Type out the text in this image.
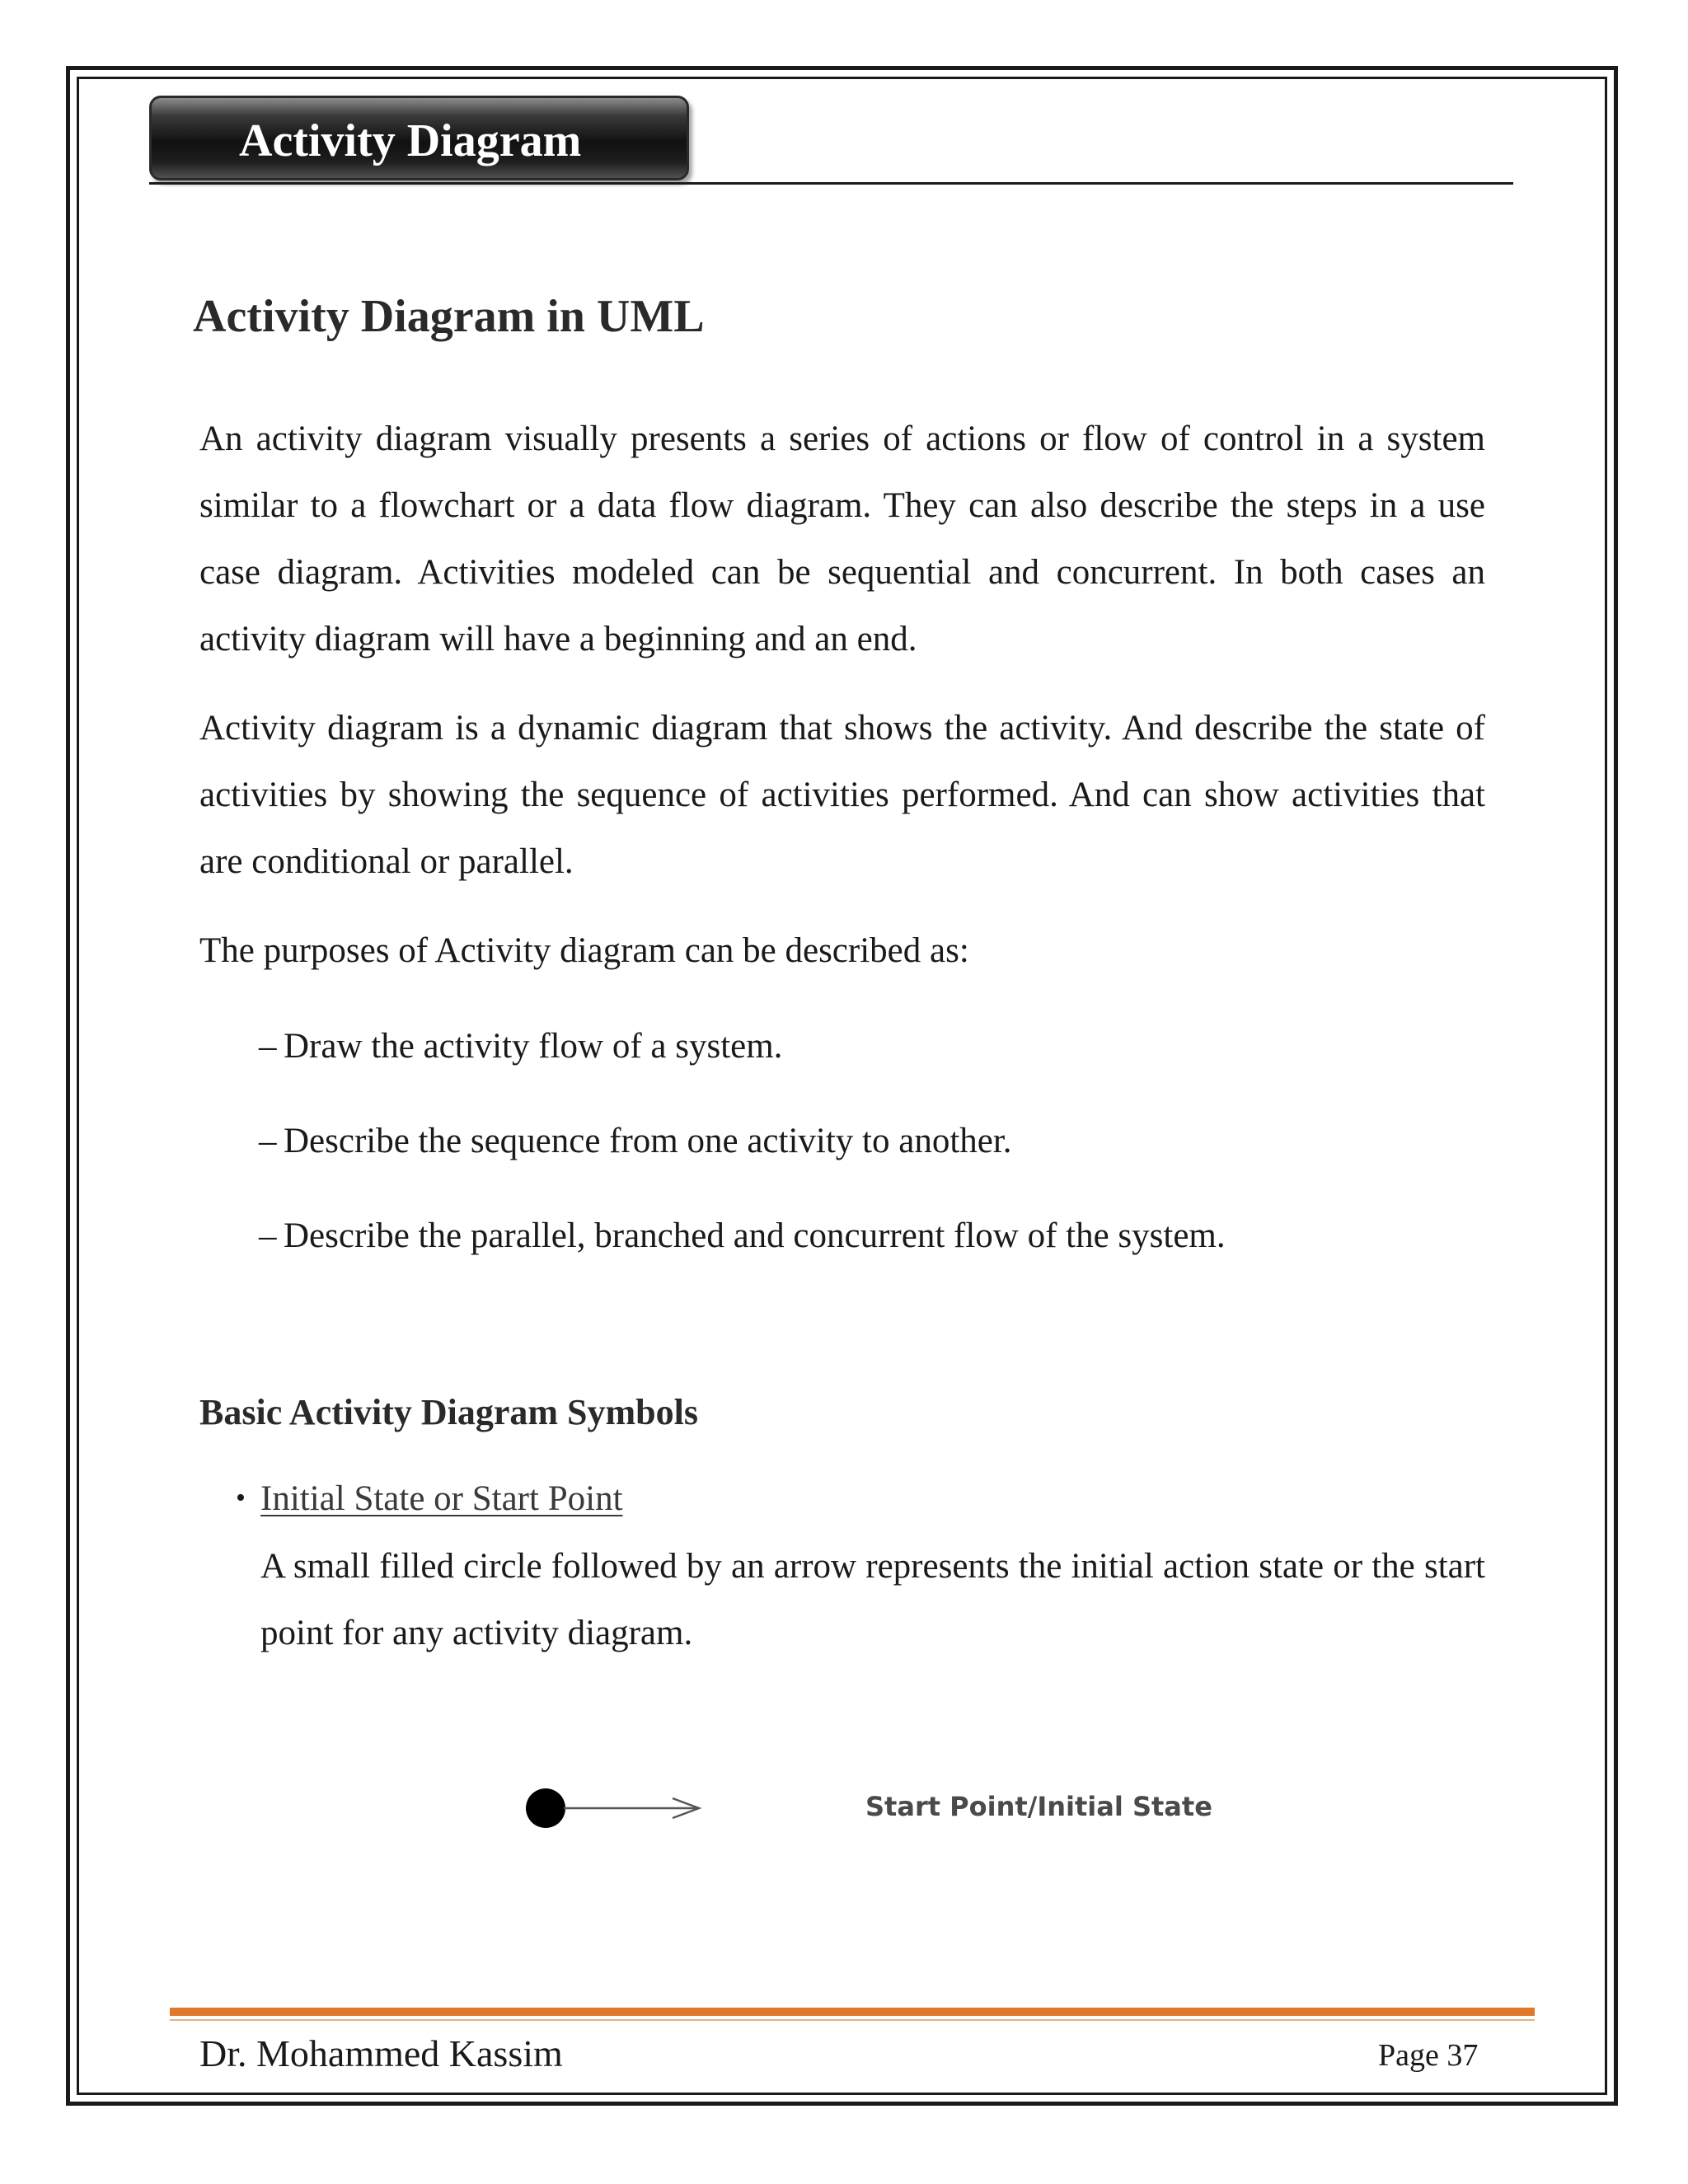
Activity Diagram
Activity Diagram in UML
An activity diagram visually presents a series of actions or flow of control in a system similar to a flowchart or a data flow diagram. They can also describe the steps in a use case diagram. Activities modeled can be sequential and concurrent. In both cases an activity diagram will have a beginning and an end.
Activity diagram is a dynamic diagram that shows the activity. And describe the state of activities by showing the sequence of activities performed. And can show activities that are conditional or parallel.
The purposes of Activity diagram can be described as:
– Draw the activity flow of a system.
– Describe the sequence from one activity to another.
– Describe the parallel, branched and concurrent flow of the system.
Basic Activity Diagram Symbols
• Initial State or Start Point
A small filled circle followed by an arrow represents the initial action state or the start point for any activity diagram.
Start Point/Initial State
Dr. Mohammed Kassim	Page 37
